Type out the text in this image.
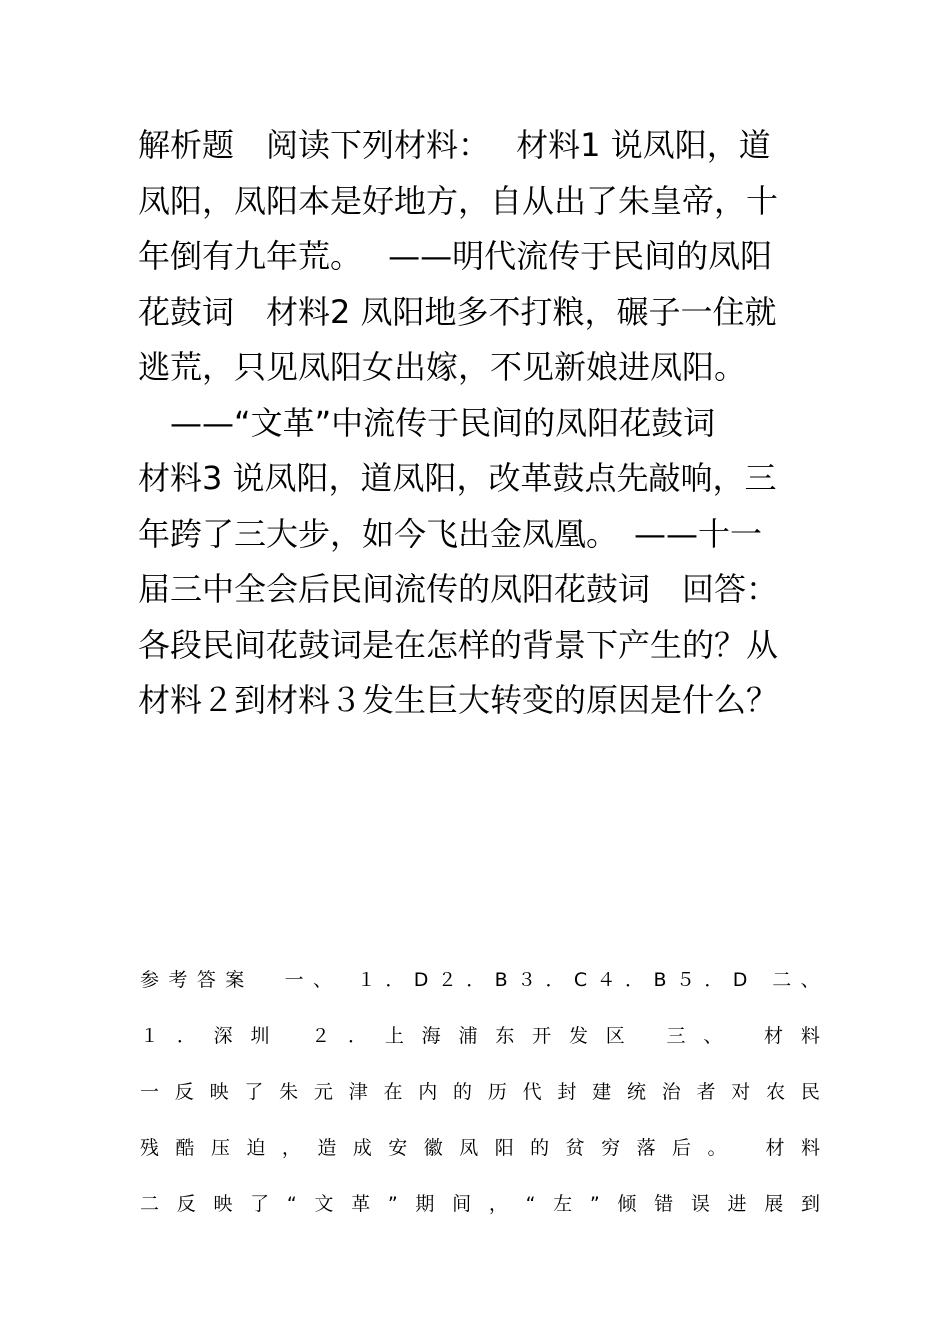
解析题　阅读下列材料：　 材料1 说凤阳，道
凤阳，凤阳本是好地方，自从出了朱皇帝，十
年倒有九年荒。　 ——明代流传于民间的凤阳
花鼓词　材料2 凤阳地多不打粮，碾子一住就
逃荒，只见凤阳女出嫁，不见新娘进凤阳。
　——“文革”中流传于民间的凤阳花鼓词
材料3 说凤阳，道凤阳，改革鼓点先敲响，三
年跨了三大步，如今飞出金凤凰。　——十一
届三中全会后民间流传的凤阳花鼓词　回答：
各段民间花鼓词是在怎样的背景下产生的？从
材料２到材料３发生巨大转变的原因是什么？
参 考 答 案

一 、
１ ． D ２ ． B ３ ． C ４ ． B ５ ． D
二 、
１ ． 深 圳
２ ． 上 海 浦 东 开 发 区
三 、
材 料
一 反 映 了 朱 元 津 在 内 的 历 代 封 建 统 治 者 对 农 民
残 酷 压 迫 ， 造 成 安 徽 凤 阳 的 贫 穷 落 后 。
材 料
二 反 映 了 “ 文 革 ” 期 间 ， “ 左 ” 倾 错 误 进 展 到
